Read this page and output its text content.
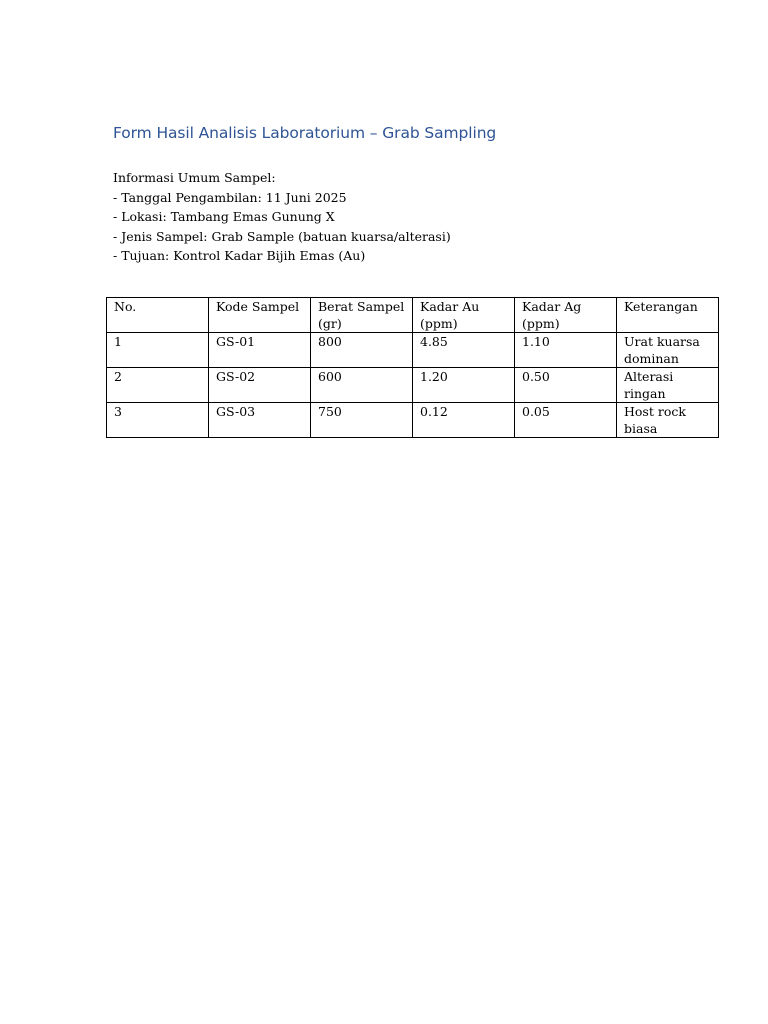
Form Hasil Analisis Laboratorium – Grab Sampling
Informasi Umum Sampel:
- Tanggal Pengambilan: 11 Juni 2025
- Lokasi: Tambang Emas Gunung X
- Jenis Sampel: Grab Sample (batuan kuarsa/alterasi)
- Tujuan: Kontrol Kadar Bijih Emas (Au)
No.	Kode Sampel	Berat Sampel (gr)	Kadar Au (ppm)	Kadar Ag (ppm)	Keterangan
1	GS-01	800	4.85	1.10	Urat kuarsa dominan
2	GS-02	600	1.20	0.50	Alterasi ringan
3	GS-03	750	0.12	0.05	Host rock biasa
